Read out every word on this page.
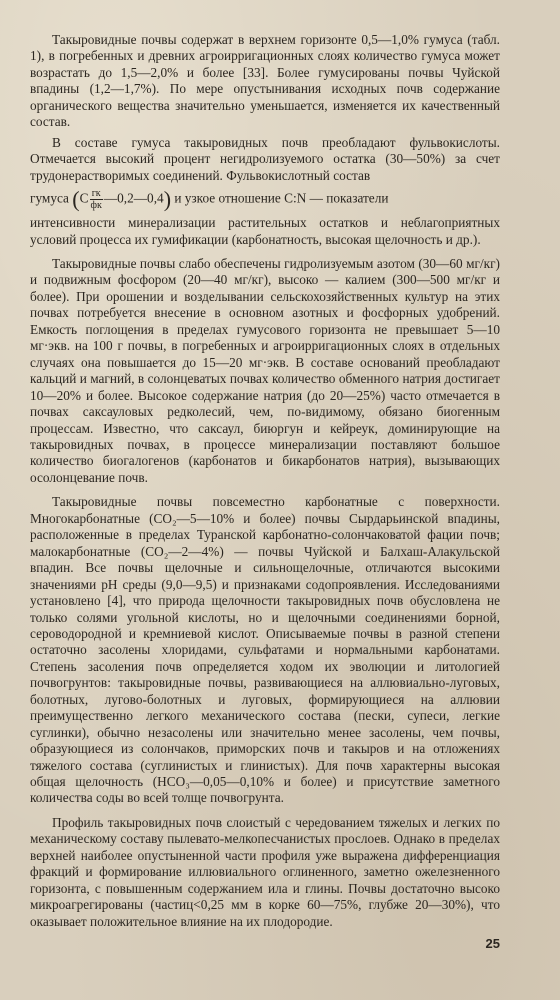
Такыровидные почвы содержат в верхнем горизонте 0,5—1,0% гумуса (табл. 1), в погребенных и древних агроирригационных слоях количество гумуса может возрастать до 1,5—2,0% и более [33]. Более гумусированы почвы Чуйской впадины (1,2—1,7%). По мере опустынивания исходных почв содержание органического вещества значительно уменьшается, изменяется их качественный состав.

В составе гумуса такыровидных почв преобладают фульвокислоты. Отмечается высокий процент негидролизуемого остатка (30—50%) за счет трудонерастворимых соединений. Фульвокислотный состав
гумуса ($С \frac{гк}{фк}$ —0,2—0,4) и узкое отношение C:N — показатели
интенсивности минерализации растительных остатков и неблагоприятных условий процесса их гумификации (карбонатность, высокая щелочность и др.).

Такыровидные почвы слабо обеспечены гидролизуемым азотом (30—60 мг/кг) и подвижным фосфором (20—40 мг/кг), высоко — калием (300—500 мг/кг и более). При орошении и возделывании сельскохозяйственных культур на этих почвах потребуется внесение в основном азотных и фосфорных удобрений. Емкость поглощения в пределах гумусового горизонта не превышает 5—10 мг·экв. на 100 г почвы, в погребенных и агроирригационных слоях в отдельных случаях она повышается до 15—20 мг·экв. В составе оснований преобладают кальций и магний, в солонцеватых почвах количество обменного натрия достигает 10—20% и более. Высокое содержание натрия (до 20—25%) часто отмечается в почвах саксауловых редколесий, чем, по-видимому, обязано биогенным процессам. Известно, что саксаул, биюргун и кейреук, доминирующие на такыровидных почвах, в процессе минерализации поставляют большое количество биогалогенов (карбонатов и бикарбонатов натрия), вызывающих осолонцевание почв.

Такыровидные почвы повсеместно карбонатные с поверхности. Многокарбонатные (CO₂—5—10% и более) почвы Сырдарьинской впадины, расположенные в пределах Туранской карбонатно-солончаковатой фации почв; малокарбонатные (CO₂—2—4%) — почвы Чуйской и Балхаш-Алакульской впадин. Все почвы щелочные и сильнощелочные, отличаются высокими значениями pH среды (9,0—9,5) и признаками содопроявления. Исследованиями установлено [4], что природа щелочности такыровидных почв обусловлена не только солями угольной кислоты, но и щелочными соединениями борной, сероводородной и кремниевой кислот. Описываемые почвы в разной степени остаточно засолены хлоридами, сульфатами и нормальными карбонатами. Степень засоления почв определяется ходом их эволюции и литологией почвогрунтов: такыровидные почвы, развивающиеся на аллювиально-луговых, болотных, лугово-болотных и луговых, формирующиеся на аллювии преимущественно легкого механического состава (пески, супеси, легкие суглинки), обычно незасолены или значительно менее засолены, чем почвы, образующиеся из солончаков, приморских почв и такыров и на отложениях тяжелого состава (суглинистых и глинистых). Для почв характерны высокая общая щелочность (HCO₃—0,05—0,10% и более) и присутствие заметного количества соды во всей толще почвогрунта.

Профиль такыровидных почв слоистый с чередованием тяжелых и легких по механическому составу пылевато-мелкопесчанистых прослоев. Однако в пределах верхней наиболее опустыненной части профиля уже выражена дифференциация фракций и формирование иллювиального оглиненного, заметно ожелезненного горизонта, с повышенным содержанием ила и глины. Почвы достаточно высоко микроагрегированы (частиц<0,25 мм в корке 60—75%, глубже 20—30%), что оказывает положительное влияние на их плодородие.

25
